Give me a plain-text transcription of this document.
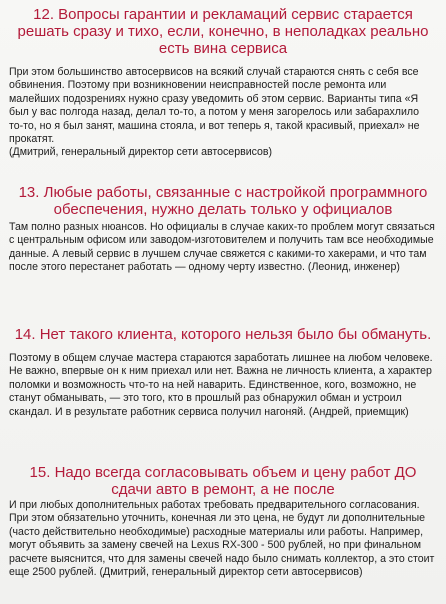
12. Вопросы гарантии и рекламаций сервис старается решать сразу и тихо, если, конечно, в неполадках реально есть вина сервиса

При этом большинство автосервисов на всякий случай стараются снять с себя все обвинения. Поэтому при возникновении неисправностей после ремонта или малейших подозрениях нужно сразу уведомить об этом сервис. Варианты типа «Я был у вас полгода назад, делал то-то, а потом у меня загорелось или забарахлило то-то, но я был занят, машина стояла, и вот теперь я, такой красивый, приехал» не прокатят.
(Дмитрий, генеральный директор сети автосервисов)

13. Любые работы, связанные с настройкой программного обеспечения, нужно делать только у официалов

Там полно разных нюансов. Но официалы в случае каких-то проблем могут связаться с центральным офисом или заводом-изготовителем и получить там все необходимые данные. А левый сервис в лучшем случае свяжется с какими-то хакерами, и что там после этого перестанет работать — одному черту известно. (Леонид, инженер)

14. Нет такого клиента, которого нельзя было бы обмануть.

Поэтому в общем случае мастера стараются заработать лишнее на любом человеке. Не важно, впервые он к ним приехал или нет. Важна не личность клиента, а характер поломки и возможность что-то на ней наварить. Единственное, кого, возможно, не станут обманывать, — это того, кто в прошлый раз обнаружил обман и устроил скандал. И в результате работник сервиса получил нагоняй. (Андрей, приемщик)

15. Надо всегда согласовывать объем и цену работ ДО сдачи авто в ремонт, а не после

И при любых дополнительных работах требовать предварительного согласования. При этом обязательно уточнить, конечная ли это цена, не будут ли дополнительные (часто действительно необходимые) расходные материалы или работы. Например, могут объявить за замену свечей на Lexus RX-300 - 500 рублей, но при финальном расчете выяснится, что для замены свечей надо было снимать коллектор, а это стоит еще 2500 рублей. (Дмитрий, генеральный директор сети автосервисов)
